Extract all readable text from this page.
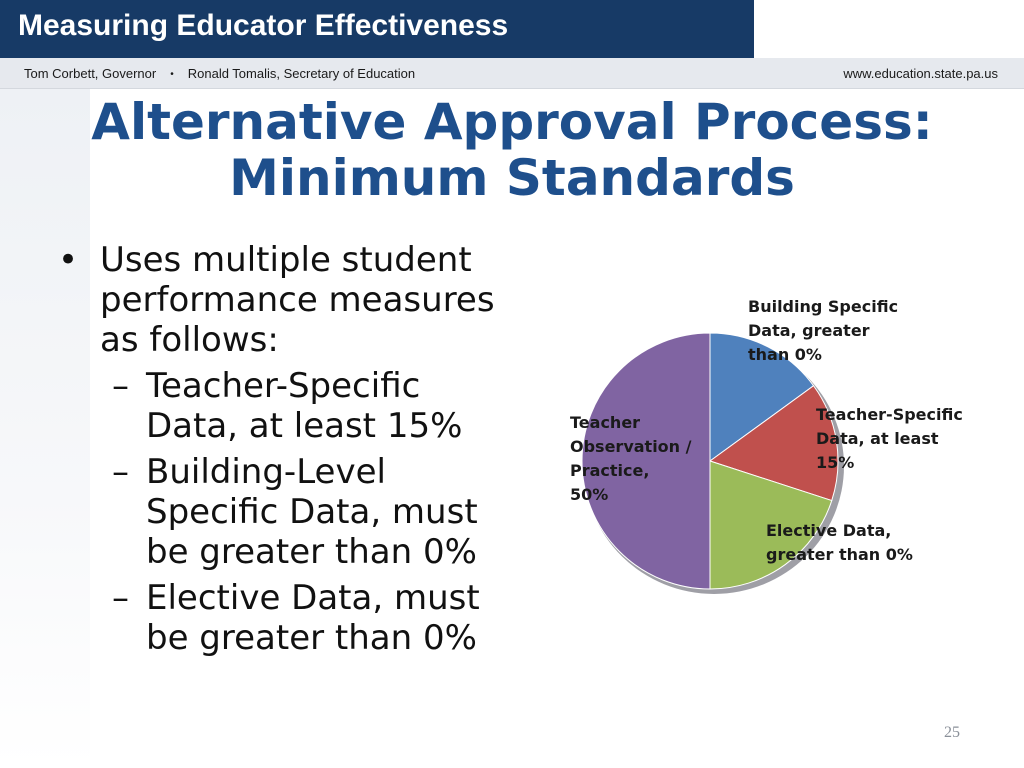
Measuring Educator Effectiveness
Tom Corbett, Governor • Ronald Tomalis, Secretary of Education	www.education.state.pa.us
Alternative Approval Process:
Minimum Standards
• Uses multiple student
performance measures
as follows:
– Teacher-Specific
Data, at least 15%
– Building-Level
Specific Data, must
be greater than 0%
– Elective Data, must
be greater than 0%
Building Specific Data, greater than 0%
Teacher-Specific Data, at least 15%
Elective Data, greater than 0%
Teacher Observation / Practice, 50%
25
